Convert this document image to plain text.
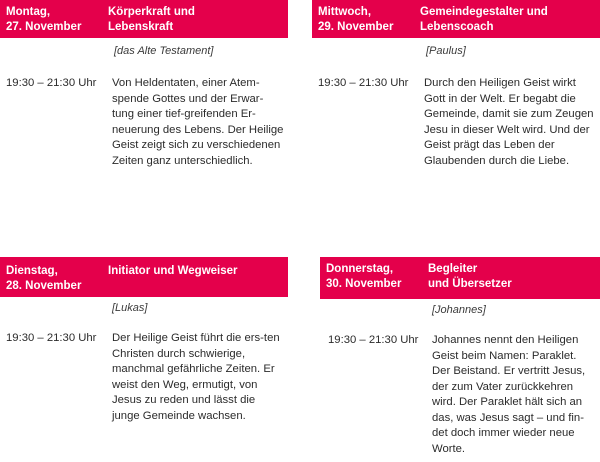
Montag,
27. November
Körperkraft und
Lebenskraft
[das Alte Testament]
19:30 – 21:30 Uhr	Von Heldentaten, einer Atem-spende Gottes und der Erwar-tung einer tief-greifenden Er-neuerung des Lebens. Der Heilige Geist zeigt sich zu verschiedenen Zeiten ganz unterschiedlich.
Mittwoch,
29. November
Gemeindegestalter und
Lebenscoach
[Paulus]
19:30 – 21:30 Uhr	Durch den Heiligen Geist wirkt Gott in der Welt. Er begabt die Gemeinde, damit sie zum Zeugen Jesu in dieser Welt wird. Und der Geist prägt das Leben der Glaubenden durch die Liebe.
Dienstag,
28. November
Initiator und Wegweiser
[Lukas]
19:30 – 21:30 Uhr	Der Heilige Geist führt die ers-ten Christen durch schwierige, manchmal gefährliche Zeiten. Er weist den Weg, ermutigt, von Jesus zu reden und lässt die junge Gemeinde wachsen.
Donnerstag,
30. November
Begleiter
und Übersetzer
[Johannes]
19:30 – 21:30 Uhr	Johannes nennt den Heiligen Geist beim Namen: Paraklet. Der Beistand. Er vertritt Jesus, der zum Vater zurückkehren wird. Der Paraklet hält sich an das, was Jesus sagt – und fin-det doch immer wieder neue Worte.
